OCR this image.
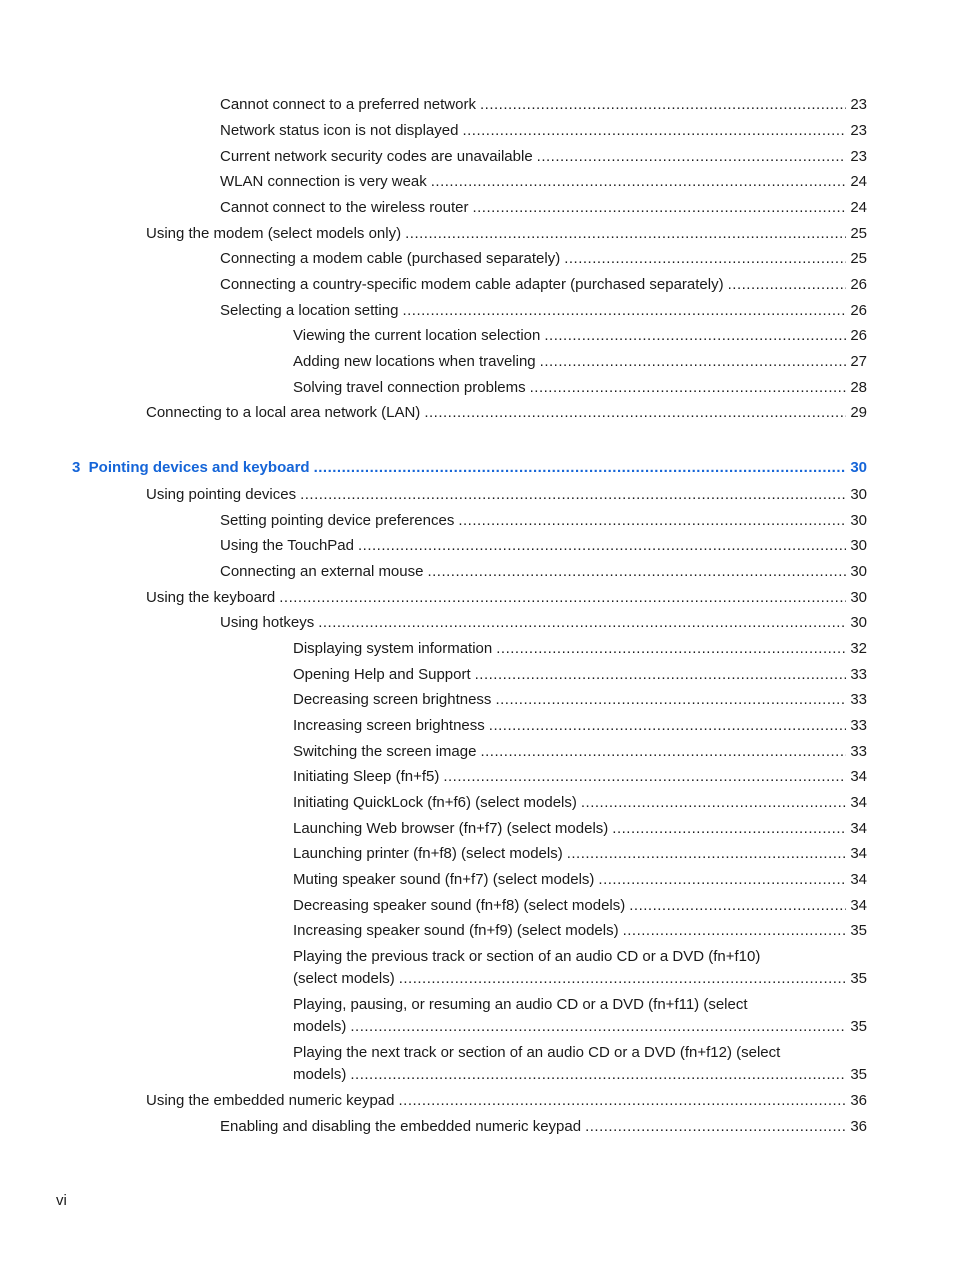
Cannot connect to a preferred network .....	23
Network status icon is not displayed .....	23
Current network security codes are unavailable .....	23
WLAN connection is very weak .....	24
Cannot connect to the wireless router .....	24
Using the modem (select models only) .....	25
Connecting a modem cable (purchased separately) .....	25
Connecting a country-specific modem cable adapter (purchased separately) .....	26
Selecting a location setting .....	26
Viewing the current location selection .....	26
Adding new locations when traveling .....	27
Solving travel connection problems .....	28
Connecting to a local area network (LAN) .....	29
3  Pointing devices and keyboard .....	30
Using pointing devices .....	30
Setting pointing device preferences .....	30
Using the TouchPad .....	30
Connecting an external mouse .....	30
Using the keyboard .....	30
Using hotkeys .....	30
Displaying system information .....	32
Opening Help and Support .....	33
Decreasing screen brightness .....	33
Increasing screen brightness .....	33
Switching the screen image .....	33
Initiating Sleep (fn+f5) .....	34
Initiating QuickLock (fn+f6) (select models) .....	34
Launching Web browser (fn+f7) (select models) .....	34
Launching printer (fn+f8) (select models) .....	34
Muting speaker sound (fn+f7) (select models) .....	34
Decreasing speaker sound (fn+f8) (select models) .....	34
Increasing speaker sound (fn+f9) (select models) .....	35
Playing the previous track or section of an audio CD or a DVD (fn+f10)
(select models) .....	35
Playing, pausing, or resuming an audio CD or a DVD (fn+f11) (select
models) .....	35
Playing the next track or section of an audio CD or a DVD (fn+f12) (select
models) .....	35
Using the embedded numeric keypad .....	36
Enabling and disabling the embedded numeric keypad .....	36
vi
